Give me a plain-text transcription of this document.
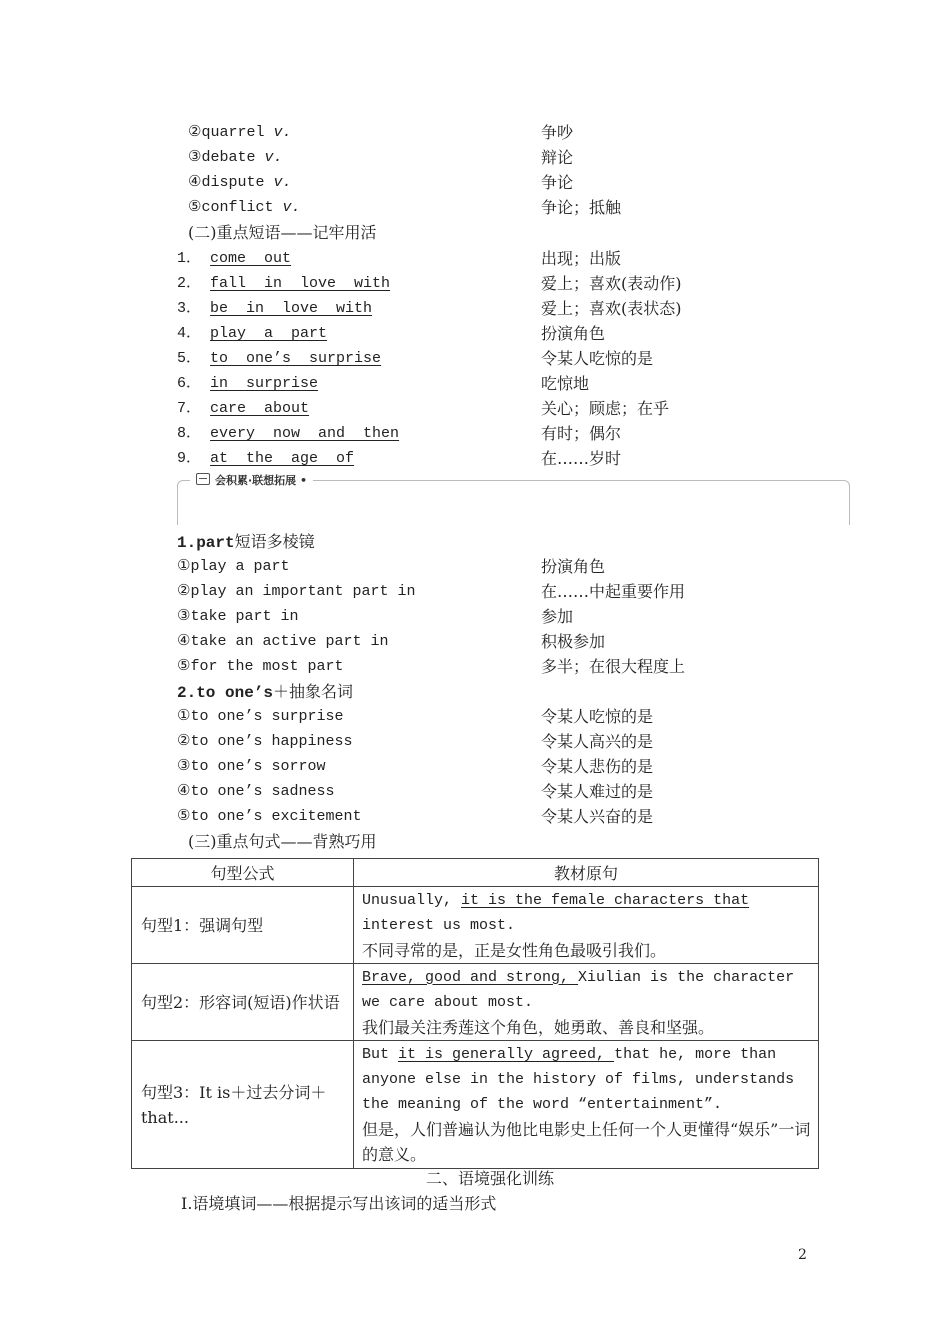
②quarrel v.	争吵
③debate v.	辩论
④dispute v.	争论
⑤conflict v.	争论；抵触
(二)重点短语——记牢用活
1． come  out	出现；出版
2． fall  in  love  with	爱上；喜欢(表动作)
3． be  in  love  with	爱上；喜欢(表状态)
4． play  a  part	扮演角色
5． to  one’s  surprise	令某人吃惊的是
6． in  surprise	吃惊地
7． care  about	关心；顾虑；在乎
8． every  now  and  then	有时；偶尔
9． at  the  age  of	在……岁时
会积累·联想拓展 •
1.part短语多棱镜
①play a part	扮演角色
②play an important part in	在……中起重要作用
③take part in	参加
④take an active part in	积极参加
⑤for the most part	多半；在很大程度上
2.to one’s＋抽象名词
①to one’s surprise	令某人吃惊的是
②to one’s happiness	令某人高兴的是
③to one’s sorrow	令某人悲伤的是
④to one’s sadness	令某人难过的是
⑤to one’s excitement	令某人兴奋的是
(三)重点句式——背熟巧用
句型公式	教材原句
句型1：强调句型	Unusually, it is the female characters that interest us most.
不同寻常的是，正是女性角色最吸引我们。

句型2：形容词(短语)作状语	Brave, good and strong, Xiulian is the character we care about most.
我们最关注秀莲这个角色，她勇敢、善良和坚强。

句型3：It is＋过去分词＋that...	But it is generally agreed, that he, more than anyone else in the history of films, understands the meaning of the word “entertainment”.
但是，人们普遍认为他比电影史上任何一个人更懂得“娱乐”一词的意义。
二、语境强化训练
Ⅰ.语境填词——根据提示写出该词的适当形式
2
